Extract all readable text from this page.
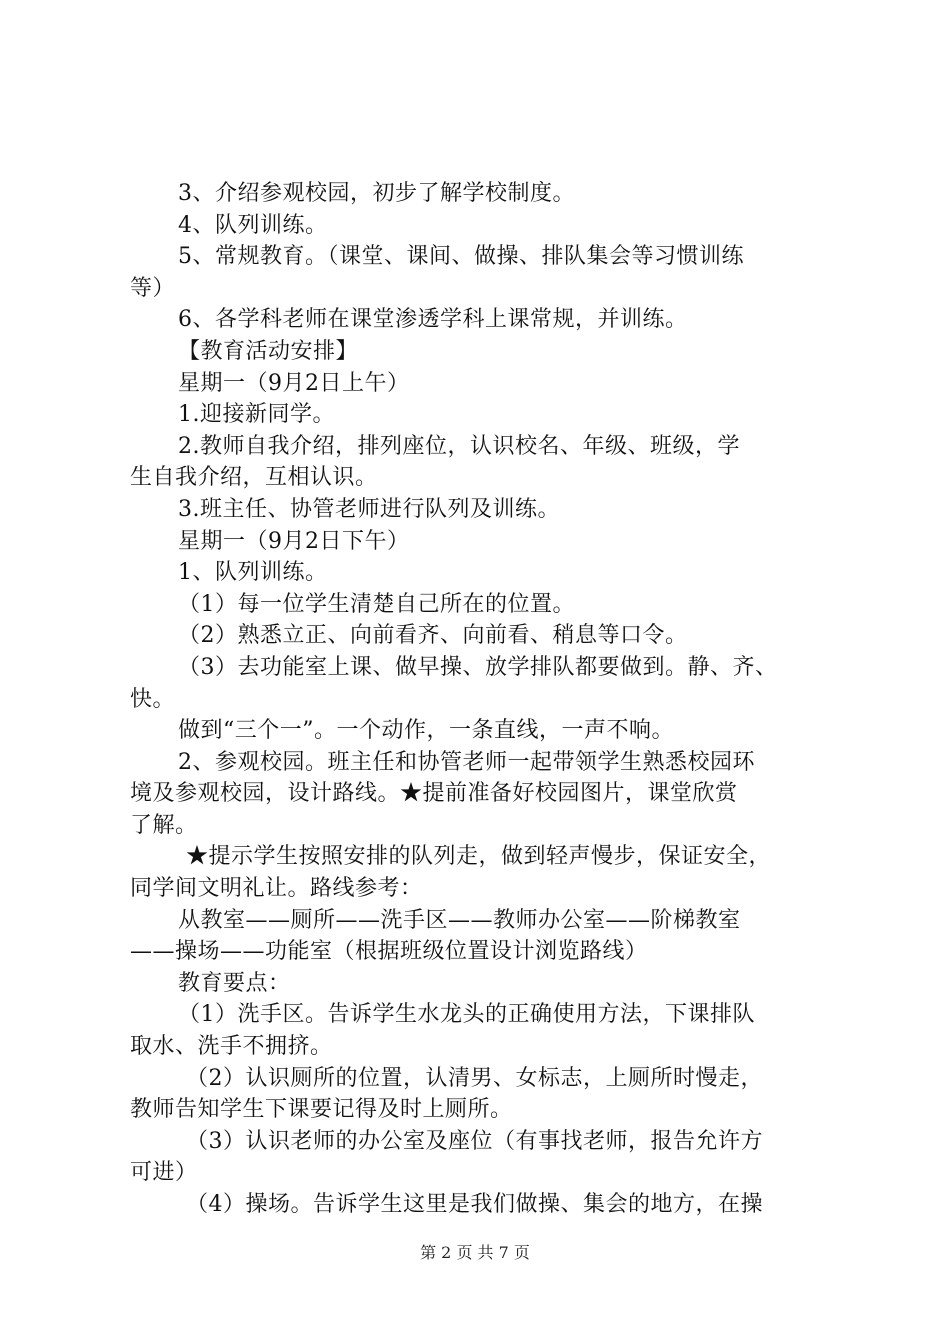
3、介绍参观校园，初步了解学校制度。
4、队列训练。
5、常规教育。（课堂、课间、做操、排队集会等习惯训练
等）
6、各学科老师在课堂渗透学科上课常规，并训练。
【教育活动安排】
星期一（9月2日上午）
1.迎接新同学。
2.教师自我介绍，排列座位，认识校名、年级、班级，学
生自我介绍，互相认识。
3.班主任、协管老师进行队列及训练。
星期一（9月2日下午）
1、队列训练。
（1）每一位学生清楚自己所在的位置。
（2）熟悉立正、向前看齐、向前看、稍息等口令。
（3）去功能室上课、做早操、放学排队都要做到。静、齐、
快。
做到“三个一”。一个动作，一条直线，一声不响。
2、参观校园。班主任和协管老师一起带领学生熟悉校园环
境及参观校园，设计路线。★提前准备好校园图片，课堂欣赏
了解。
★提示学生按照安排的队列走，做到轻声慢步，保证安全，
同学间文明礼让。路线参考：
从教室——厕所——洗手区——教师办公室——阶梯教室
——操场——功能室（根据班级位置设计浏览路线）
教育要点：
（1）洗手区。告诉学生水龙头的正确使用方法，下课排队
取水、洗手不拥挤。
（2）认识厕所的位置，认清男、女标志，上厕所时慢走，
教师告知学生下课要记得及时上厕所。
（3）认识老师的办公室及座位（有事找老师，报告允许方
可进）
（4）操场。告诉学生这里是我们做操、集会的地方，在操
第 2 页 共 7 页
